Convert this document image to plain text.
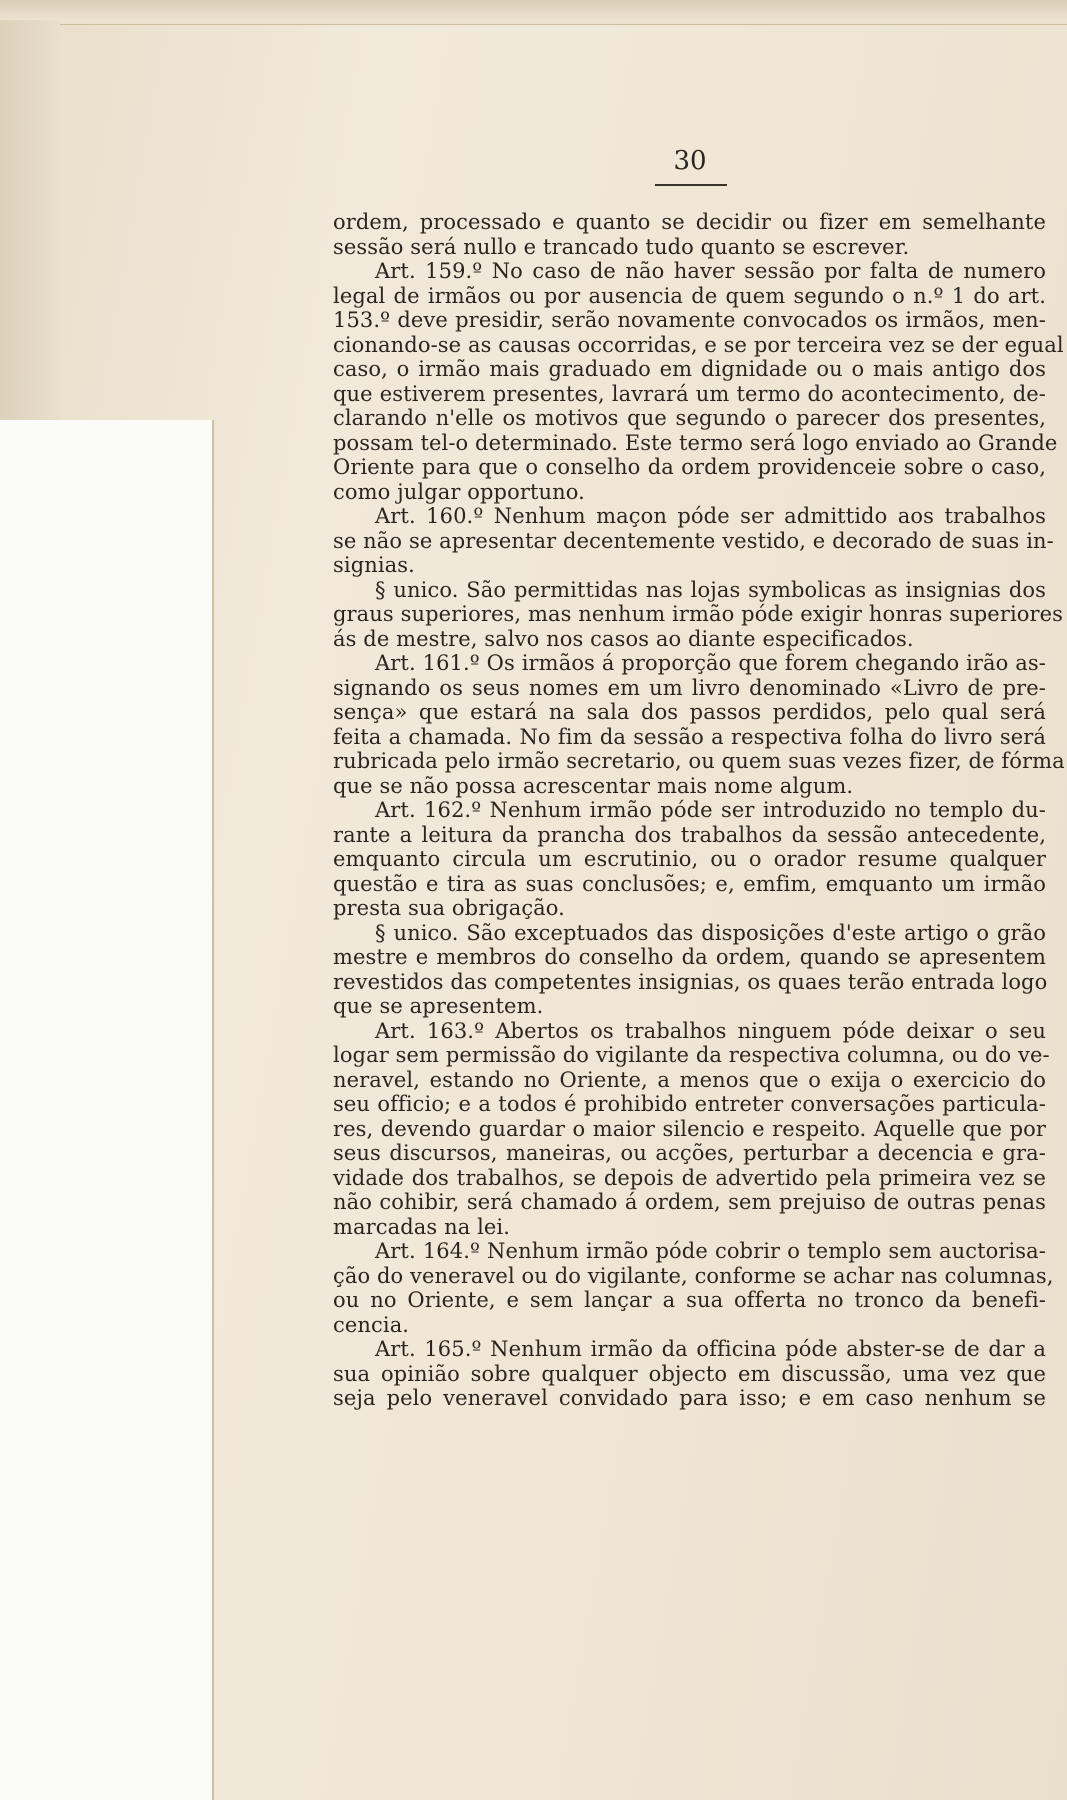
30
ordem, processado e quanto se decidir ou fizer em semelhante
sessão será nullo e trancado tudo quanto se escrever.
Art. 159.º No caso de não haver sessão por falta de numero
legal de irmãos ou por ausencia de quem segundo o n.º 1 do art.
153.º deve presidir, serão novamente convocados os irmãos, men-
cionando-se as causas occorridas, e se por terceira vez se der egual
caso, o irmão mais graduado em dignidade ou o mais antigo dos
que estiverem presentes, lavrará um termo do acontecimento, de-
clarando n'elle os motivos que segundo o parecer dos presentes,
possam tel-o determinado. Este termo será logo enviado ao Grande
Oriente para que o conselho da ordem providenceie sobre o caso,
como julgar opportuno.
Art. 160.º Nenhum maçon póde ser admittido aos trabalhos
se não se apresentar decentemente vestido, e decorado de suas in-
signias.
§ unico. São permittidas nas lojas symbolicas as insignias dos
graus superiores, mas nenhum irmão póde exigir honras superiores
ás de mestre, salvo nos casos ao diante especificados.
Art. 161.º Os irmãos á proporção que forem chegando irão as-
signando os seus nomes em um livro denominado «Livro de pre-
sença» que estará na sala dos passos perdidos, pelo qual será
feita a chamada. No fim da sessão a respectiva folha do livro será
rubricada pelo irmão secretario, ou quem suas vezes fizer, de fórma
que se não possa acrescentar mais nome algum.
Art. 162.º Nenhum irmão póde ser introduzido no templo du-
rante a leitura da prancha dos trabalhos da sessão antecedente,
emquanto circula um escrutinio, ou o orador resume qualquer
questão e tira as suas conclusões; e, emfim, emquanto um irmão
presta sua obrigação.
§ unico. São exceptuados das disposições d'este artigo o grão
mestre e membros do conselho da ordem, quando se apresentem
revestidos das competentes insignias, os quaes terão entrada logo
que se apresentem.
Art. 163.º Abertos os trabalhos ninguem póde deixar o seu
logar sem permissão do vigilante da respectiva columna, ou do ve-
neravel, estando no Oriente, a menos que o exija o exercicio do
seu officio; e a todos é prohibido entreter conversações particula-
res, devendo guardar o maior silencio e respeito. Aquelle que por
seus discursos, maneiras, ou acções, perturbar a decencia e gra-
vidade dos trabalhos, se depois de advertido pela primeira vez se
não cohibir, será chamado á ordem, sem prejuiso de outras penas
marcadas na lei.
Art. 164.º Nenhum irmão póde cobrir o templo sem auctorisa-
ção do veneravel ou do vigilante, conforme se achar nas columnas,
ou no Oriente, e sem lançar a sua offerta no tronco da benefi-
cencia.
Art. 165.º Nenhum irmão da officina póde abster-se de dar a
sua opinião sobre qualquer objecto em discussão, uma vez que
seja pelo veneravel convidado para isso; e em caso nenhum se
